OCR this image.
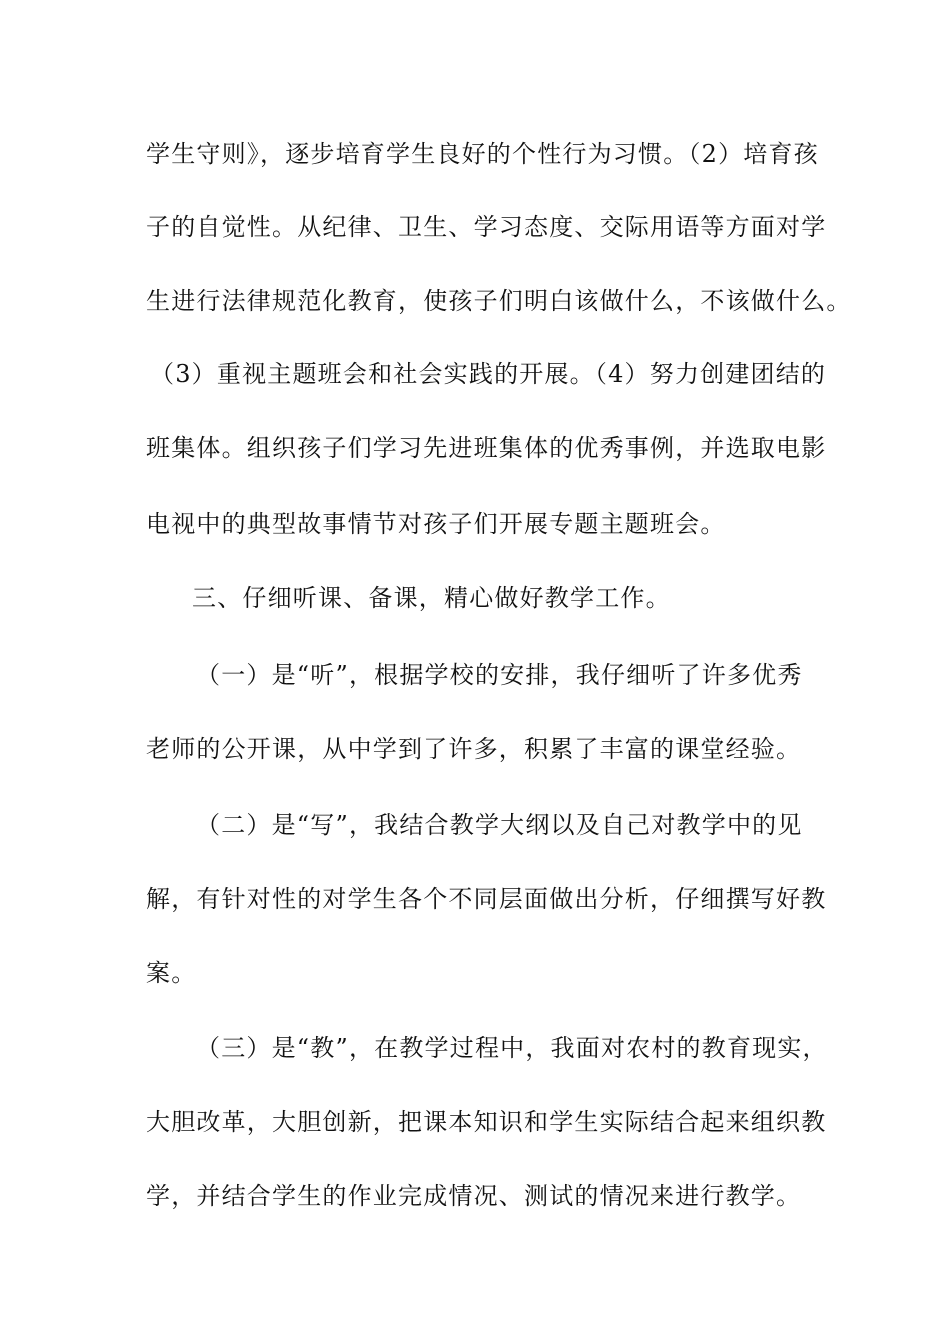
学生守则》，逐步培育学生良好的个性行为习惯。（2）培育孩
子的自觉性。从纪律、卫生、学习态度、交际用语等方面对学
生进行法律规范化教育，使孩子们明白该做什么，不该做什么。
（3）重视主题班会和社会实践的开展。（4）努力创建团结的
班集体。组织孩子们学习先进班集体的优秀事例，并选取电影
电视中的典型故事情节对孩子们开展专题主题班会。
三、仔细听课、备课，精心做好教学工作。
（一）是“听”，根据学校的安排，我仔细听了许多优秀
老师的公开课，从中学到了许多，积累了丰富的课堂经验。
（二）是“写”，我结合教学大纲以及自己对教学中的见
解，有针对性的对学生各个不同层面做出分析，仔细撰写好教
案。
（三）是“教”，在教学过程中，我面对农村的教育现实，
大胆改革，大胆创新，把课本知识和学生实际结合起来组织教
学，并结合学生的作业完成情况、测试的情况来进行教学。
